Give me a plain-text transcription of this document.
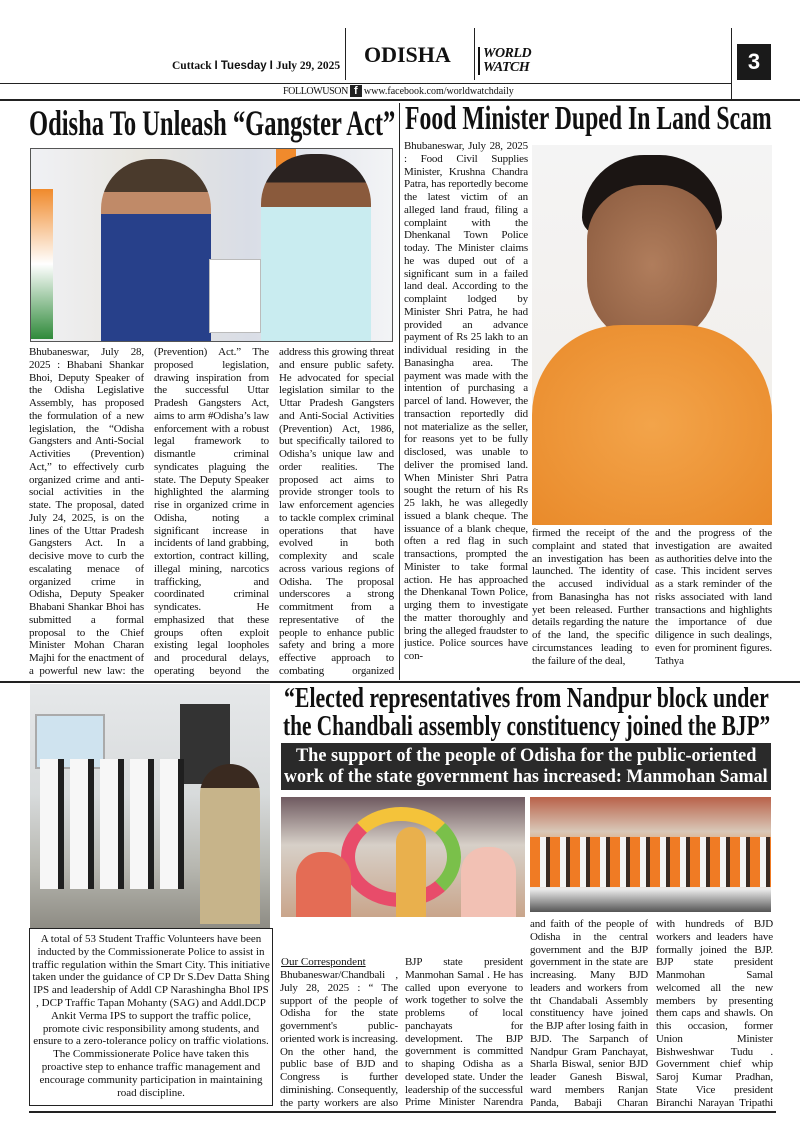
Cuttack I Tuesday I July 29, 2025 ODISHA	WORLD WATCH	3
FOLLOWUSON f www.facebook.com/worldwatchdaily
Odisha To Unleash “Gangster Act”
Bhubaneswar, July 28, 2025 : Bhabani Shankar Bhoi, Deputy Speaker of the Odisha Legislative Assembly, has proposed the formulation of a new legislation, the “Odisha Gangsters and Anti-Social Activities (Prevention) Act,” to effectively curb organized crime and anti-social activities in the state. The proposal, dated July 24, 2025, is on the lines of the Uttar Pradesh Gangsters Act. In a decisive move to curb the escalating menace of organized crime in Odisha, Deputy Speaker Bhabani Shankar Bhoi has submitted a formal proposal to the Chief Minister Mohan Charan Majhi for the enactment of a powerful new law: the
(Prevention) Act.” The proposed legislation, drawing inspiration from the successful Uttar Pradesh Gangsters Act, aims to arm #Odisha’s law enforcement with a robust legal framework to dismantle criminal syndicates plaguing the state. The Deputy Speaker highlighted the alarming rise in organized crime in Odisha, noting a significant increase in incidents of land grabbing, extortion, contract killing, illegal mining, narcotics trafficking, and coordinated criminal syndicates. He emphasized that these groups often exploit existing legal loopholes and procedural delays, operating beyond the
address this growing threat and ensure public safety. He advocated for special legislation similar to the Uttar Pradesh Gangsters and Anti-Social Activities (Prevention) Act, 1986, but specifically tailored to Odisha’s unique law and order realities. The proposed act aims to provide stronger tools to law enforcement agencies to tackle complex criminal operations that have evolved in both complexity and scale across various regions of Odisha. The proposal underscores a strong commitment from a representative of the people to enhance public safety and bring a more effective approach to combating organized
Food Minister Duped In Land Scam
Bhubaneswar, July 28, 2025 : Food Civil Supplies Minister, Krushna Chandra Patra, has reportedly become the latest victim of an alleged land fraud, filing a complaint with the Dhenkanal Town Police today. The Minister claims he was duped out of a significant sum in a failed land deal. According to the complaint lodged by Minister Shri Patra, he had provided an advance payment of Rs 25 lakh to an individual residing in the Banasingha area. The payment was made with the intention of purchasing a parcel of land. However, the transaction reportedly did not materialize as the seller, for reasons yet to be fully disclosed, was unable to deliver the promised land. When Minister Shri Patra sought the return of his Rs 25 lakh, he was allegedly issued a blank cheque. The issuance of a blank cheque, often a red flag in such transactions, prompted the Minister to take formal action. He has approached the Dhenkanal Town Police, urging them to investigate the matter thoroughly and bring the alleged fraudster to justice. Police sources have con-
firmed the receipt of the complaint and stated that an investigation has been launched. The identity of the accused individual from Banasingha has not yet been released. Further details regarding the nature of the land, the specific circumstances leading to the failure of the deal,
and the progress of the investigation are awaited as authorities delve into the case. This incident serves as a stark reminder of the risks associated with land transactions and highlights the importance of due diligence in such dealings, even for prominent figures. Tathya
A total of 53 Student Traffic Volunteers have been inducted by the Commissionerate Police to assist in traffic regulation within the Smart City. This initiative taken under the guidance of CP Dr S.Dev Datta Shing IPS and leadership of Addl CP Narashingha Bhol IPS , DCP Traffic Tapan Mohanty (SAG) and Addl.DCP Ankit Verma IPS to support the traffic police, promote civic responsibility among students, and ensure to a zero-tolerance policy on traffic violations. The Commissionerate Police have taken this proactive step to enhance traffic management and encourage community participation in maintaining road discipline.
“Elected representatives from Nandpur block under
the Chandbali assembly constituency joined the BJP”
The support of the people of Odisha for the public-oriented
work of the state government has increased: Manmohan Samal
Our Correspondent
Bhubaneswar/Chandbali , July 28, 2025 : “ The support of the people of Odisha for the state government's public-oriented work is increasing. On the other hand, the public base of BJD and Congress is further diminishing. Consequently, the party workers are also
BJP state president Manmohan Samal . He has called upon everyone to work together to solve the problems of local panchayats for development. The BJP government is committed to shaping Odisha as a developed state. Under the leadership of the successful Prime Minister Narendra
and faith of the people of Odisha in the central government and the BJP government in the state are increasing. Many BJD leaders and workers from tht Chandabali Assembly constituency have joined the BJP after losing faith in BJD. The Sarpanch of Nandpur Gram Panchayat, Sharla Biswal, senior BJD leader Ganesh Biswal, ward members Ranjan Panda, Babaji Charan
with hundreds of BJD workers and leaders have formally joined the BJP. BJP state president Manmohan Samal welcomed all the new members by presenting them caps and shawls. On this occasion, former Union Minister Bishweshwar Tudu . Government chief whip Saroj Kumar Pradhan, State Vice president Biranchi Narayan Tripathi
